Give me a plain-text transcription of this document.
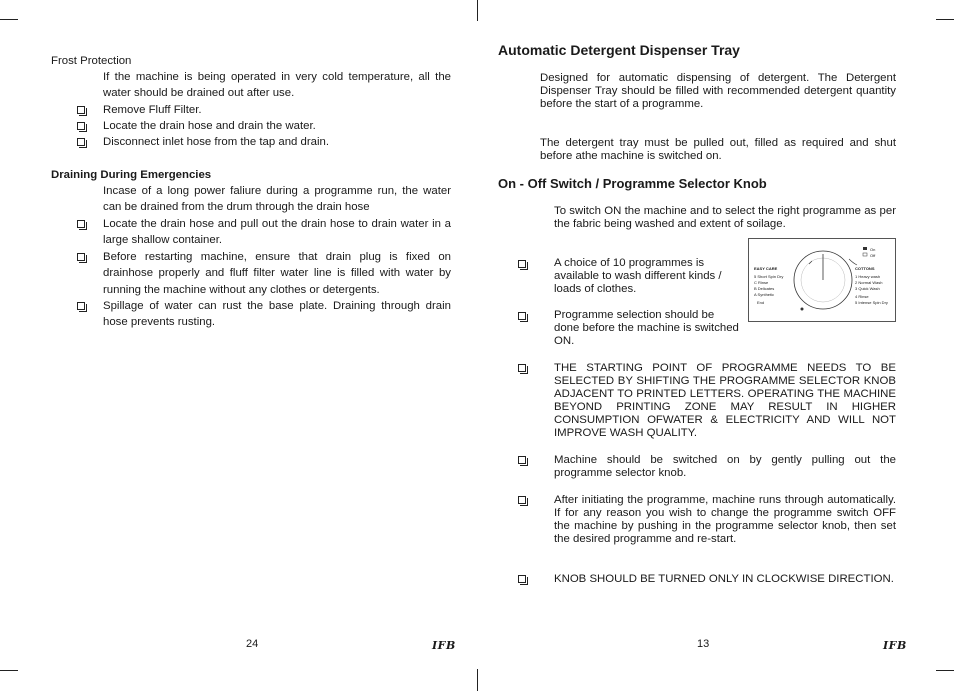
Frost Protection

If the machine is being operated in very cold temperature, all the water should be drained out after use.

Remove Fluff Filter.

Locate the drain hose and drain the water.

Disconnect inlet hose from the tap and drain.

Draining During Emergencies

Incase of a long power faliure during a programme run, the water can be drained from the drum through the drain hose

Locate the drain hose and pull out the drain hose to drain water in a large shallow container.

Before restarting machine, ensure that drain plug is fixed on drainhose properly and fluff filter water line is filled with water by running the machine without any clothes or detergents.

Spillage of water can rust the base plate. Draining through drain hose prevents rusting.

24	IFB
Automatic Detergent Dispenser Tray

Designed for automatic dispensing of detergent. The Detergent Dispenser Tray should be filled with recommended detergent quantity before the start of a programme.

The detergent tray must be pulled out, filled as required and shut before athe machine is switched on.

On - Off Switch / Programme Selector Knob

To switch ON the machine and to select the right programme as per the fabric being washed and extent of soilage.

A choice of 10 programmes is available to wash different kinds / loads of clothes.

Programme selection should be done before the machine is switched ON.

THE STARTING POINT OF PROGRAMME NEEDS TO BE SELECTED BY SHIFTING THE PROGRAMME SELECTOR KNOB ADJACENT TO PRINTED LETTERS. OPERATING THE MACHINE BEYOND PRINTING ZONE MAY RESULT IN HIGHER CONSUMPTION OFWATER & ELECTRICITY AND WILL NOT IMPROVE WASH QUALITY.

Machine should be switched on by gently pulling out the programme selector knob.

After initiating the programme, machine runs through automatically. If for any reason you wish to change the programme switch OFF the machine by pushing in the programme selector knob, then set the desired programme and re-start.

KNOB SHOULD BE TURNED ONLY IN CLOCKWISE DIRECTION.

On
Off
EASY CARE
5 Short Spin Dry
C Rinse
B Delicates
A Synthetic
End
COTTONS
1 Heavy wash
2 Normal Wash
3 Quick Wash
4 Rinse
5 Intense Spin Dry
13	IFB
